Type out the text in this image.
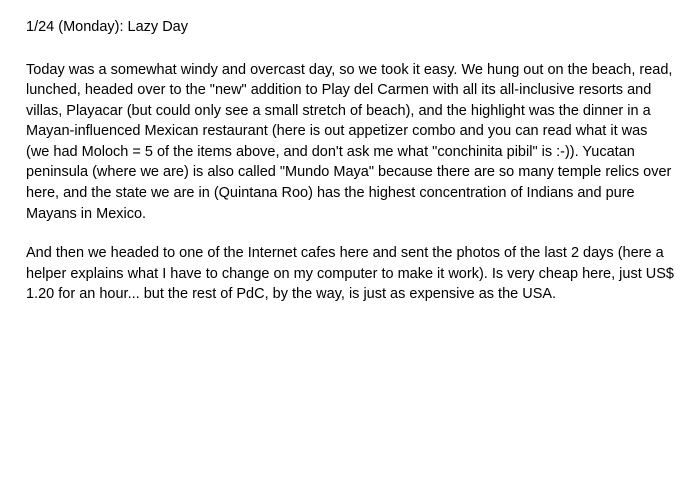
1/24 (Monday): Lazy Day

Today was a somewhat windy and overcast day, so we took it easy. We hung out on the beach, read, lunched, headed over to the "new" addition to Play del Carmen with all its all-inclusive resorts and villas, Playacar (but could only see a small stretch of beach), and the highlight was the dinner in a Mayan-influenced Mexican restaurant (here is out appetizer combo and you can read what it was (we had Moloch = 5 of the items above, and don't ask me what "conchinita pibil" is :-)). Yucatan peninsula (where we are) is also called "Mundo Maya" because there are so many temple relics over here, and the state we are in (Quintana Roo) has the highest concentration of Indians and pure Mayans in Mexico.

And then we headed to one of the Internet cafes here and sent the photos of the last 2 days (here a helper explains what I have to change on my computer to make it work). Is very cheap here, just US$ 1.20 for an hour... but the rest of PdC, by the way, is just as expensive as the USA.
